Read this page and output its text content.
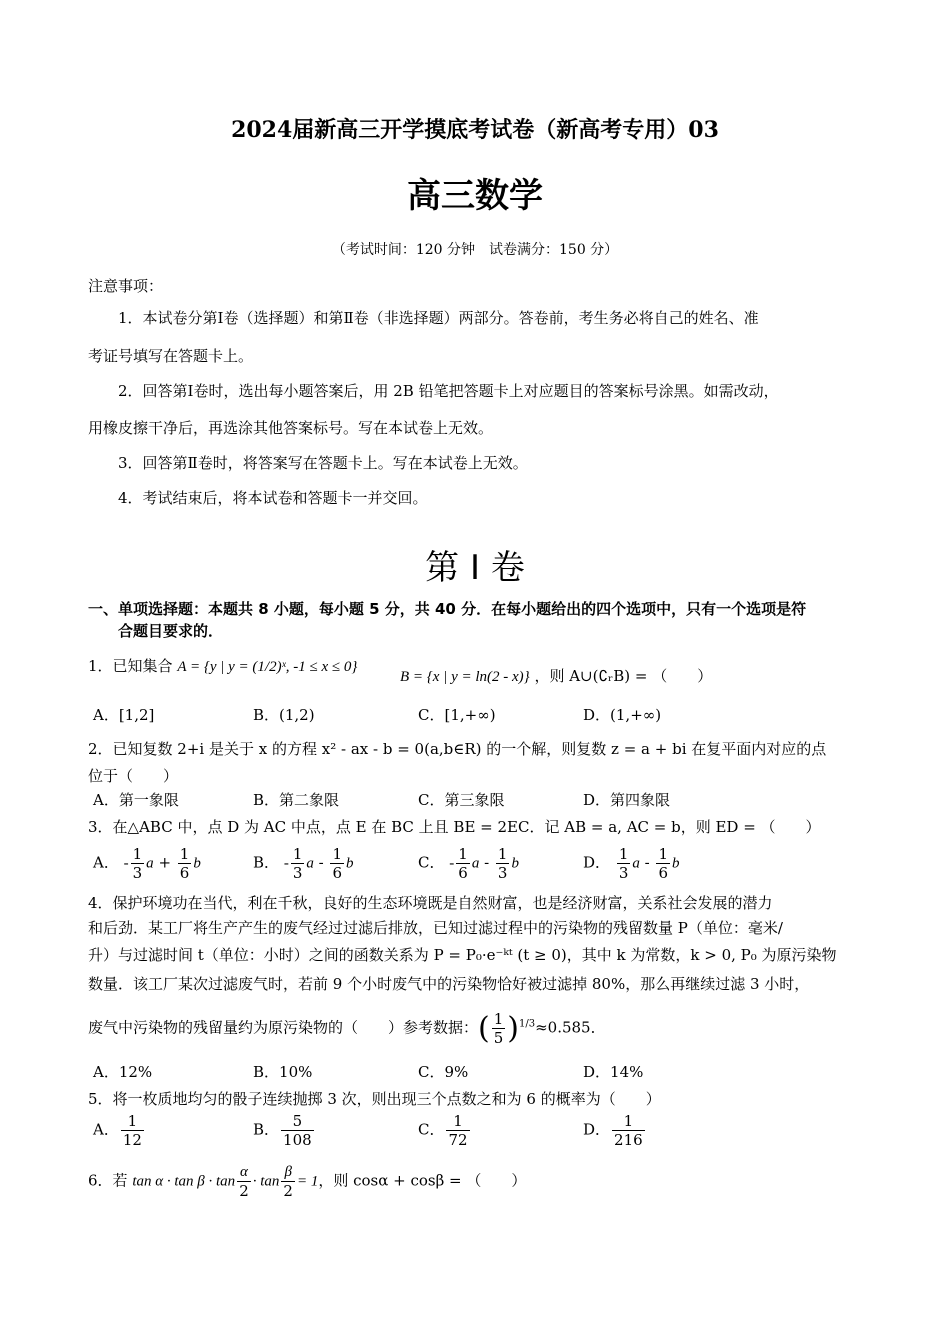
2024届新高三开学摸底考试卷（新高考专用）03
高三数学
（考试时间：120 分钟　试卷满分：150 分）
注意事项：
1．本试卷分第Ⅰ卷（选择题）和第Ⅱ卷（非选择题）两部分。答卷前，考生务必将自己的姓名、准
考证号填写在答题卡上。
2．回答第Ⅰ卷时，选出每小题答案后，用 2B 铅笔把答题卡上对应题目的答案标号涂黑。如需改动，
用橡皮擦干净后，再选涂其他答案标号。写在本试卷上无效。
3．回答第Ⅱ卷时，将答案写在答题卡上。写在本试卷上无效。
4．考试结束后，将本试卷和答题卡一并交回。
第 I 卷
一、单项选择题：本题共 8 小题，每小题 5 分，共 40 分．在每小题给出的四个选项中，只有一个选项是符
合题目要求的．
1．已知集合 A = {y | y = (1/2)ˣ, -1 ≤ x ≤ 0}
B = {x | y = ln(2 - x)} ，则 A∪(∁ᵣB) = （　　）
A．[1,2]	B．(1,2)	C．[1,+∞)	D．(1,+∞)
2．已知复数 2+i 是关于 x 的方程 x² - ax - b = 0(a,b∈R) 的一个解，则复数 z = a + bi 在复平面内对应的点
位于（　　）
A．第一象限	B．第二象限	C．第三象限	D．第四象限
3．在△ABC 中，点 D 为 AC 中点，点 E 在 BC 上且 BE = 2EC．记 AB = a, AC = b，则 ED = （　　）
A． - $\frac{1}{3}$ $a + \frac{1}{6}$ b	B． - $\frac{1}{3}$ a - $\frac{1}{6}$ b	C． - $\frac{1}{6}$ a - $\frac{1}{3}$ b	D． $\frac{1}{3}$ a - $\frac{1}{6}$ b
4．保护环境功在当代，利在千秋，良好的生态环境既是自然财富，也是经济财富，关系社会发展的潜力
和后劲．某工厂将生产产生的废气经过过滤后排放，已知过滤过程中的污染物的残留数量 P（单位：毫米/
升）与过滤时间 t（单位：小时）之间的函数关系为 P = P₀·e⁻ᵏᵗ (t ≥ 0)，其中 k 为常数，k > 0, P₀ 为原污染物
数量．该工厂某次过滤废气时，若前 9 个小时废气中的污染物恰好被过滤掉 80%，那么再继续过滤 3 小时，
废气中污染物的残留量约为原污染物的（　　）参考数据：( $\frac{1}{5} )^{1/3}\approx 0.585$．
A．12%	B．10%	C．9%	D．14%
5．将一枚质地均匀的骰子连续抛掷 3 次，则出现三个点数之和为 6 的概率为（　　）
A． $\frac{1}{12}$	B． $\frac{5}{108}$	C． $\frac{1}{72}$	D． $\frac{1}{216}$
6．若 $\tan \alpha \cdot \tan \beta \cdot \tan \frac{\alpha}{2} \cdot \tan \frac{\beta}{2} = 1$，则 cosα + cosβ = （　　）
